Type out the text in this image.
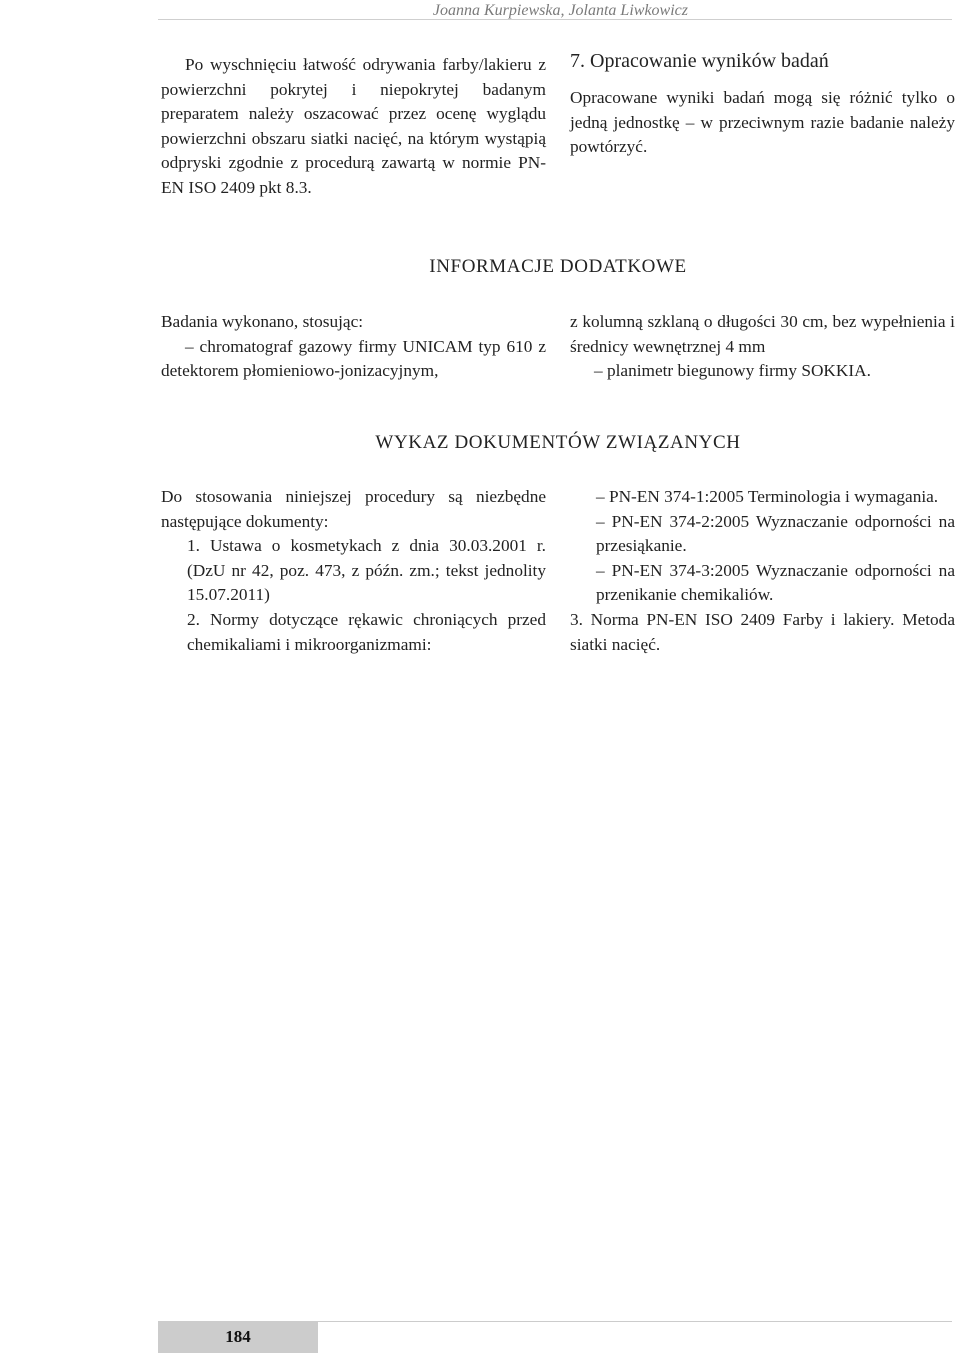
Joanna Kurpiewska, Jolanta Liwkowicz

Po wyschnięciu łatwość odrywania farby/lakieru z powierzchni pokrytej i niepokrytej badanym preparatem należy oszacować przez ocenę wyglądu powierzchni obszaru siatki nacięć, na którym wystąpią odpryski zgodnie z procedurą zawartą w normie PN-EN ISO 2409 pkt 8.3.

7. Opracowanie wyników badań

Opracowane wyniki badań mogą się różnić tylko o jedną jednostkę – w przeciwnym razie badanie należy powtórzyć.

INFORMACJE DODATKOWE

Badania wykonano, stosując:

– chromatograf gazowy firmy UNICAM typ 610 z detektorem płomieniowo-jonizacyjnym,

z kolumną szklaną o długości 30 cm, bez wypełnienia i średnicy wewnętrznej 4 mm

– planimetr biegunowy firmy SOKKIA.

WYKAZ DOKUMENTÓW ZWIĄZANYCH

Do stosowania niniejszej procedury są niezbędne następujące dokumenty:

1. Ustawa o kosmetykach z dnia 30.03.2001 r. (DzU nr 42, poz. 473, z późn. zm.; tekst jednolity 15.07.2011)

2. Normy dotyczące rękawic chroniących przed chemikaliami i mikroorganizmami:

– PN-EN 374-1:2005 Terminologia i wymagania.

– PN-EN 374-2:2005 Wyznaczanie odporności na przesiąkanie.

– PN-EN 374-3:2005 Wyznaczanie odporności na przenikanie chemikaliów.

3. Norma PN-EN ISO 2409 Farby i lakiery. Metoda siatki nacięć.

184
